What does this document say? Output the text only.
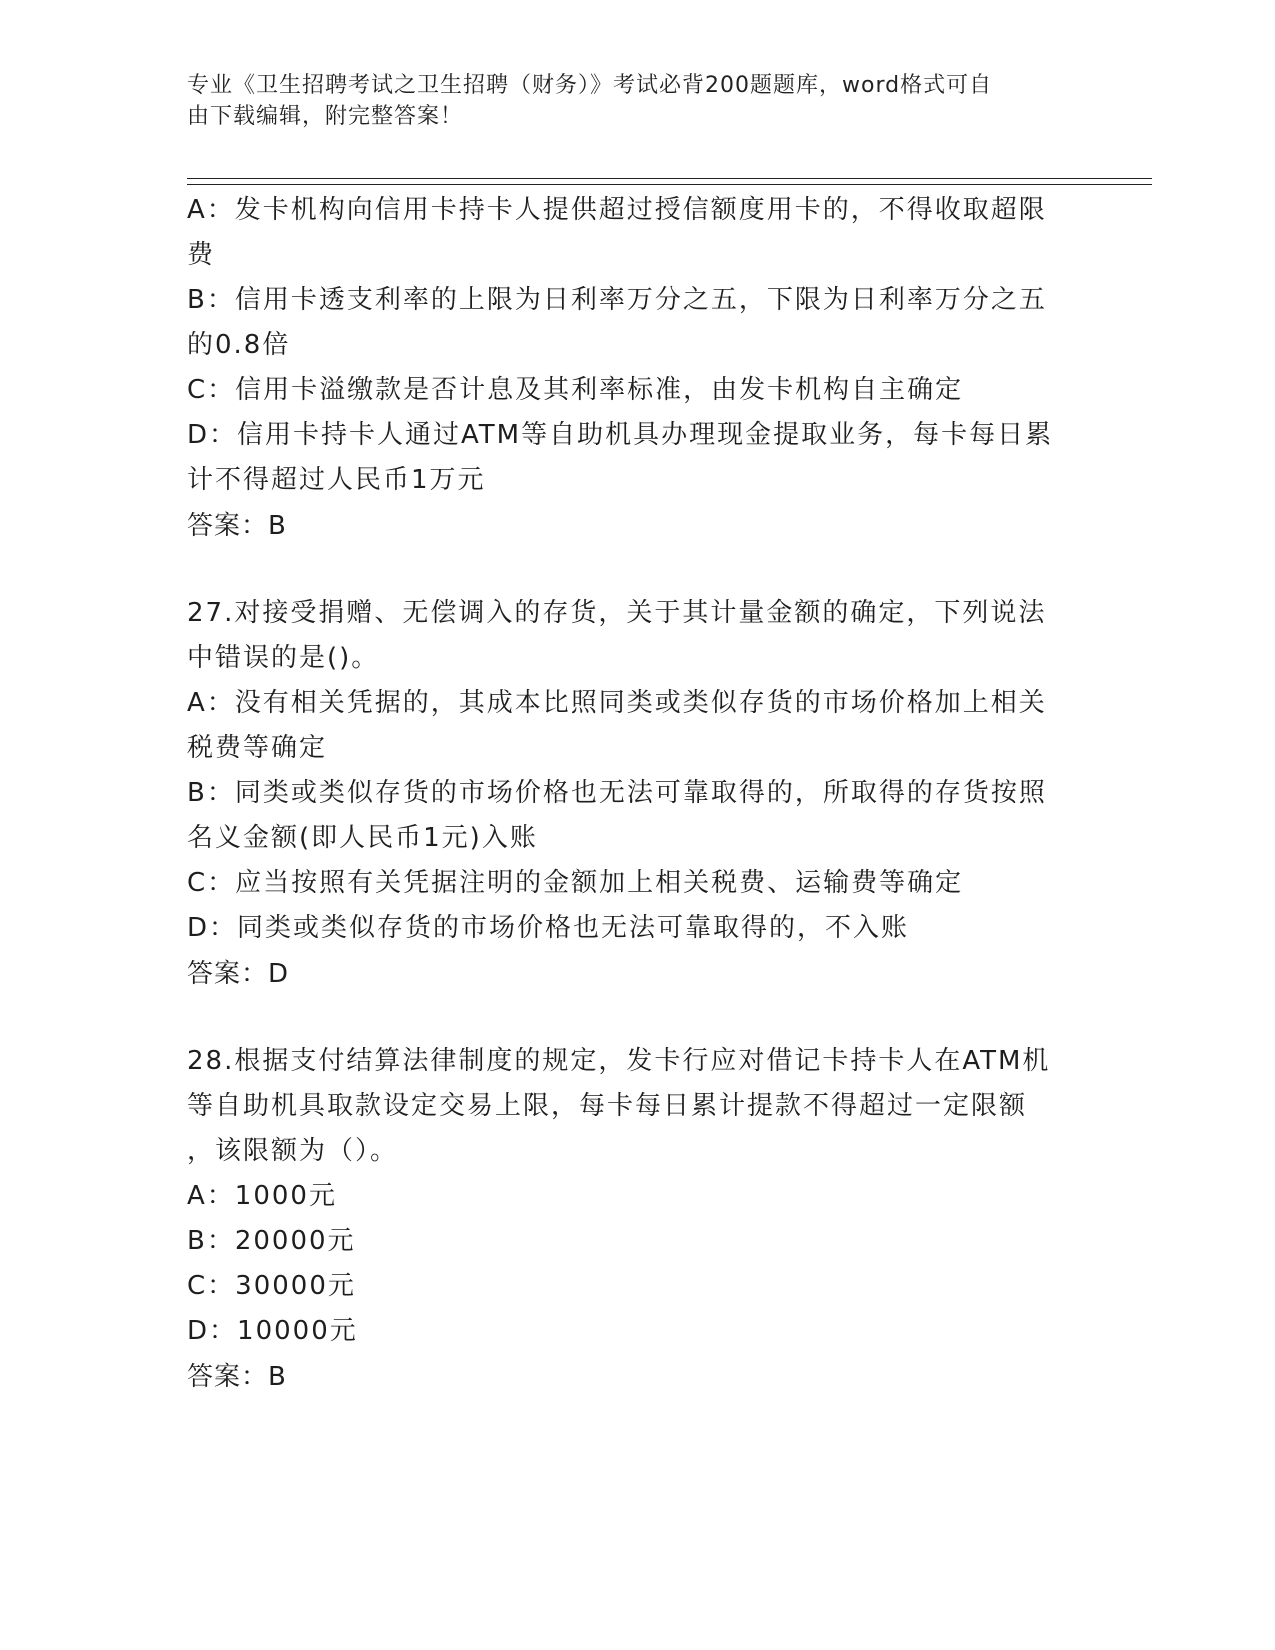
专业《卫生招聘考试之卫生招聘（财务）》考试必背200题题库，word格式可自
由下载编辑，附完整答案！
A：发卡机构向信用卡持卡人提供超过授信额度用卡的，不得收取超限
费
B：信用卡透支利率的上限为日利率万分之五，下限为日利率万分之五
的0.8倍
C：信用卡溢缴款是否计息及其利率标准，由发卡机构自主确定
D：信用卡持卡人通过ATM等自助机具办理现金提取业务，每卡每日累
计不得超过人民币1万元
答案：B
27.对接受捐赠、无偿调入的存货，关于其计量金额的确定，下列说法
中错误的是()。
A：没有相关凭据的，其成本比照同类或类似存货的市场价格加上相关
税费等确定
B：同类或类似存货的市场价格也无法可靠取得的，所取得的存货按照
名义金额(即人民币1元)入账
C：应当按照有关凭据注明的金额加上相关税费、运输费等确定
D：同类或类似存货的市场价格也无法可靠取得的，不入账
答案：D
28.根据支付结算法律制度的规定，发卡行应对借记卡持卡人在ATM机
等自助机具取款设定交易上限，每卡每日累计提款不得超过一定限额
，该限额为（）。
A：1000元
B：20000元
C：30000元
D：10000元
答案：B
